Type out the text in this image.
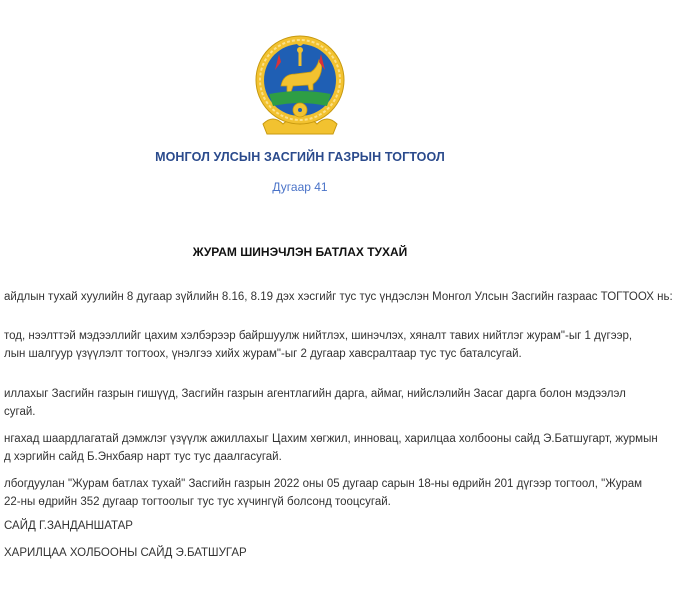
МОНГОЛ УЛСЫН ЗАСГИЙН ГАЗРЫН ТОГТООЛ
Дугаар 41
ЖУРАМ ШИНЭЧЛЭН БАТЛАХ ТУХАЙ
айдлын тухай хуулийн 8 дугаар зүйлийн 8.16, 8.19 дэх хэсгийг тус тус үндэслэн Монгол Улсын Засгийн газраас ТОГТООХ нь:
тод, нээлттэй мэдээллийг цахим хэлбэрээр байршуулж нийтлэх, шинэчлэх, хяналт тавих нийтлэг журам"-ыг 1 дүгээр,
лын шалгуур үзүүлэлт тогтоох, үнэлгээ хийх журам"-ыг 2 дугаар хавсралтаар тус тус баталсугай.
иллахыг Засгийн газрын гишүүд, Засгийн газрын агентлагийн дарга, аймаг, нийслэлийн Засаг дарга болон мэдээлэл
сугай.
нгахад шаардлагатай дэмжлэг үзүүлж ажиллахыг Цахим хөгжил, инновац, харилцаа холбооны сайд Э.Батшугарт, журмын
д хэргийн сайд Б.Энхбаяр нарт тус тус даалгасугай.
лбогдуулан "Журам батлах тухай" Засгийн газрын 2022 оны 05 дугаар сарын 18-ны өдрийн 201 дүгээр тогтоол, "Журам
22-ны өдрийн 352 дугаар тогтоолыг тус тус хүчингүй болсонд тооцсугай.
САЙД Г.ЗАНДАНШАТАР
ХАРИЛЦАА ХОЛБООНЫ САЙД Э.БАТШУГАР
